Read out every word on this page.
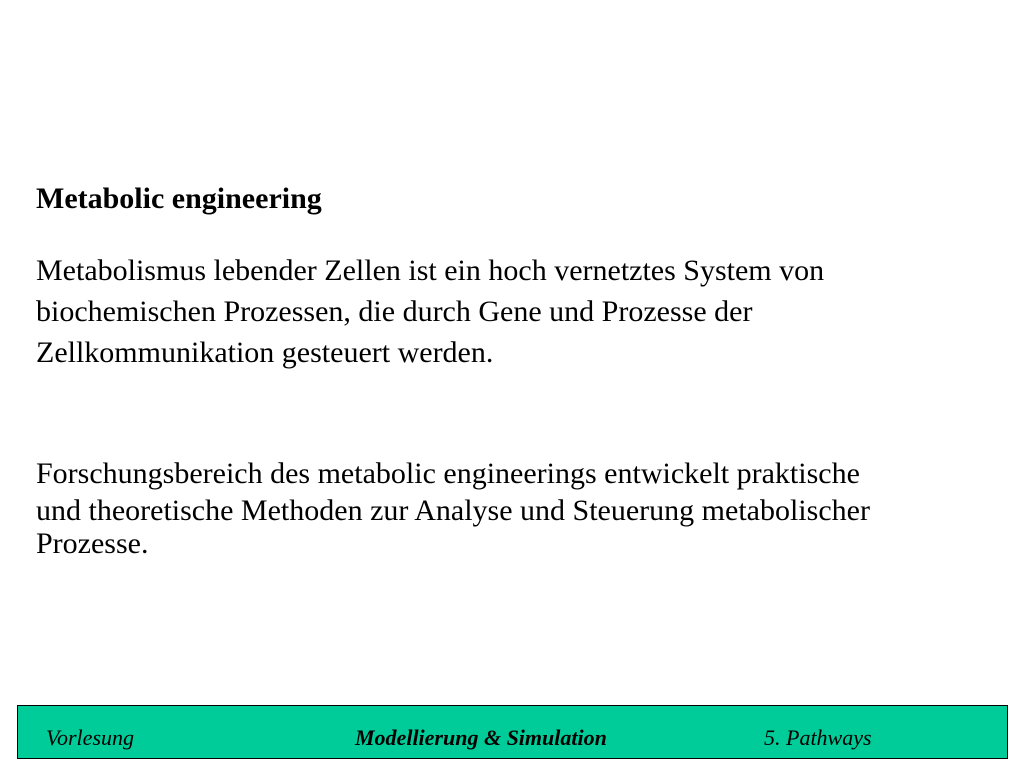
Metabolic engineering
Metabolismus lebender Zellen ist ein hoch vernetztes System von
biochemischen Prozessen, die durch Gene und Prozesse der
Zellkommunikation gesteuert werden.
Forschungsbereich des metabolic engineerings entwickelt praktische
und theoretische Methoden zur Analyse und Steuerung metabolischer
Prozesse.
Vorlesung	Modellierung & Simulation	5. Pathways
